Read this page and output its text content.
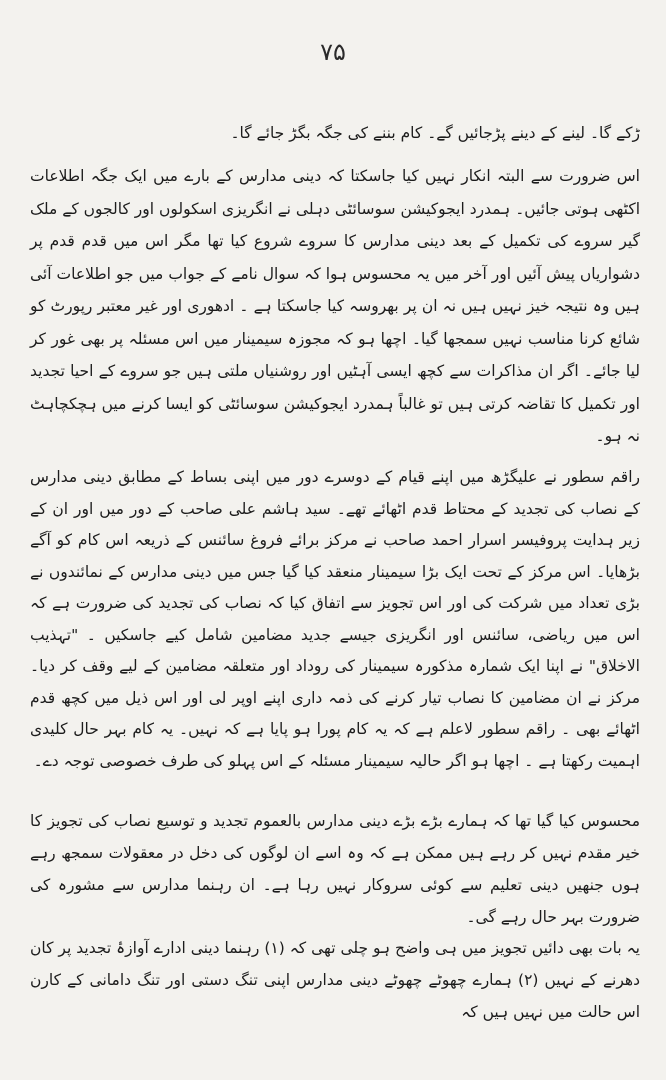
۷۵

ڑکے گا۔ لینے کے دینے پڑجائیں گے۔ کام بننے کی جگہ بگڑ جائے گا۔

اس ضرورت سے البتہ انکار نہیں کیا جاسکتا کہ دینی مدارس کے بارے میں ایک جگہ اطلاعات اکٹھی ہوتی جائیں۔ ہمدرد ایجوکیشن سوسائٹی دہلی نے انگریزی اسکولوں اور کالجوں کے ملک گیر سروے کی تکمیل کے بعد دینی مدارس کا سروے شروع کیا تھا مگر اس میں قدم قدم پر دشواریاں پیش آئیں اور آخر میں یہ محسوس ہوا کہ سوال نامے کے جواب میں جو اطلاعات آئی ہیں وہ نتیجہ خیز نہیں ہیں نہ ان پر بھروسہ کیا جاسکتا ہے ۔ ادھوری اور غیر معتبر رپورٹ کو شائع کرنا مناسب نہیں سمجھا گیا۔ اچھا ہو کہ مجوزہ سیمینار میں اس مسئلہ پر بھی غور کر لیا جائے۔ اگر ان مذاکرات سے کچھ ایسی آہٹیں اور روشنیاں ملتی ہیں جو سروے کے احیا تجدید اور تکمیل کا تقاضہ کرتی ہیں تو غالباً ہمدرد ایجوکیشن سوسائٹی کو ایسا کرنے میں ہچکچاہٹ نہ ہو۔

راقم سطور نے علیگڑھ میں اپنے قیام کے دوسرے دور میں اپنی بساط کے مطابق دینی مدارس کے نصاب کی تجدید کے محتاط قدم اٹھائے تھے۔ سید ہاشم علی صاحب کے دور میں اور ان کے زیر ہدایت پروفیسر اسرار احمد صاحب نے مرکز برائے فروغ سائنس کے ذریعہ اس کام کو آگے بڑھایا۔ اس مرکز کے تحت ایک بڑا سیمینار منعقد کیا گیا جس میں دینی مدارس کے نمائندوں نے بڑی تعداد میں شرکت کی اور اس تجویز سے اتفاق کیا کہ نصاب کی تجدید کی ضرورت ہے کہ اس میں ریاضی، سائنس اور انگریزی جیسے جدید مضامین شامل کیے جاسکیں ۔ "تہذیب الاخلاق" نے اپنا ایک شمارہ مذکورہ سیمینار کی روداد اور متعلقہ مضامین کے لیے وقف کر دیا۔ مرکز نے ان مضامین کا نصاب تیار کرنے کی ذمہ داری اپنے اوپر لی اور اس ذیل میں کچھ قدم اٹھائے بھی ۔ راقم سطور لاعلم ہے کہ یہ کام پورا ہو پایا ہے کہ نہیں۔ یہ کام بہر حال کلیدی اہمیت رکھتا ہے ۔ اچھا ہو اگر حالیہ سیمینار مسئلہ کے اس پہلو کی طرف خصوصی توجہ دے۔

محسوس کیا گیا تھا کہ ہمارے بڑے بڑے دینی مدارس بالعموم تجدید و توسیع نصاب کی تجویز کا خیر مقدم نہیں کر رہے ہیں ممکن ہے کہ وہ اسے ان لوگوں کی دخل در معقولات سمجھ رہے ہوں جنھیں دینی تعلیم سے کوئی سروکار نہیں رہا ہے۔ ان رہنما مدارس سے مشورہ کی ضرورت بہر حال رہے گی۔

یہ بات بھی دائیں تجویز میں ہی واضح ہو چلی تھی کہ (۱) رہنما دینی ادارے آوازۂ تجدید پر کان دھرنے کے نہیں (۲) ہمارے چھوٹے چھوٹے دینی مدارس اپنی تنگ دستی اور تنگ دامانی کے کارن اس حالت میں نہیں ہیں کہ
